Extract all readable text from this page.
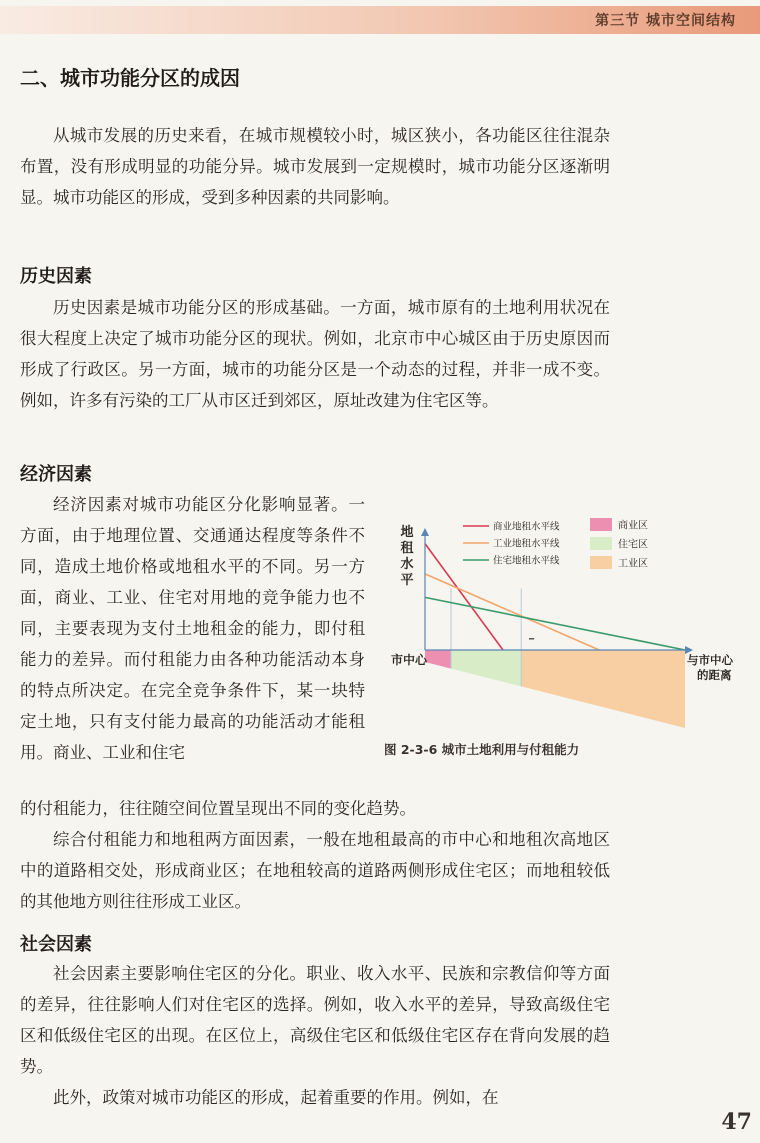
第三节 城市空间结构
二、城市功能分区的成因

从城市发展的历史来看，在城市规模较小时，城区狭小，各功能区往往混杂布置，没有形成明显的功能分异。城市发展到一定规模时，城市功能分区逐渐明显。城市功能区的形成，受到多种因素的共同影响。

历史因素

历史因素是城市功能分区的形成基础。一方面，城市原有的土地利用状况在很大程度上决定了城市功能分区的现状。例如，北京市中心城区由于历史原因而形成了行政区。另一方面，城市的功能分区是一个动态的过程，并非一成不变。例如，许多有污染的工厂从市区迁到郊区，原址改建为住宅区等。

经济因素

经济因素对城市功能区分化影响显著。一方面，由于地理位置、交通通达程度等条件不同，造成土地价格或地租水平的不同。另一方面，商业、工业、住宅对用地的竞争能力也不同，主要表现为支付土地租金的能力，即付租能力的差异。而付租能力由各种功能活动本身的特点所决定。在完全竞争条件下，某一块特定土地，只有支付能力最高的功能活动才能租用。商业、工业和住宅

的付租能力，往往随空间位置呈现出不同的变化趋势。

综合付租能力和地租两方面因素，一般在地租最高的市中心和地租次高地区中的道路相交处，形成商业区；在地租较高的道路两侧形成住宅区；而地租较低的其他地方则往往形成工业区。

社会因素

社会因素主要影响住宅区的分化。职业、收入水平、民族和宗教信仰等方面的差异，往往影响人们对住宅区的选择。例如，收入水平的差异，导致高级住宅区和低级住宅区的出现。在区位上，高级住宅区和低级住宅区存在背向发展的趋势。

此外，政策对城市功能区的形成，起着重要的作用。例如，在

商业地租水平线
工业地租水平线
住宅地租水平线
商业区
住宅区
工业区
地租水平
市中心	与市中心
的距离
图 2-3-6 城市土地利用与付租能力
47
